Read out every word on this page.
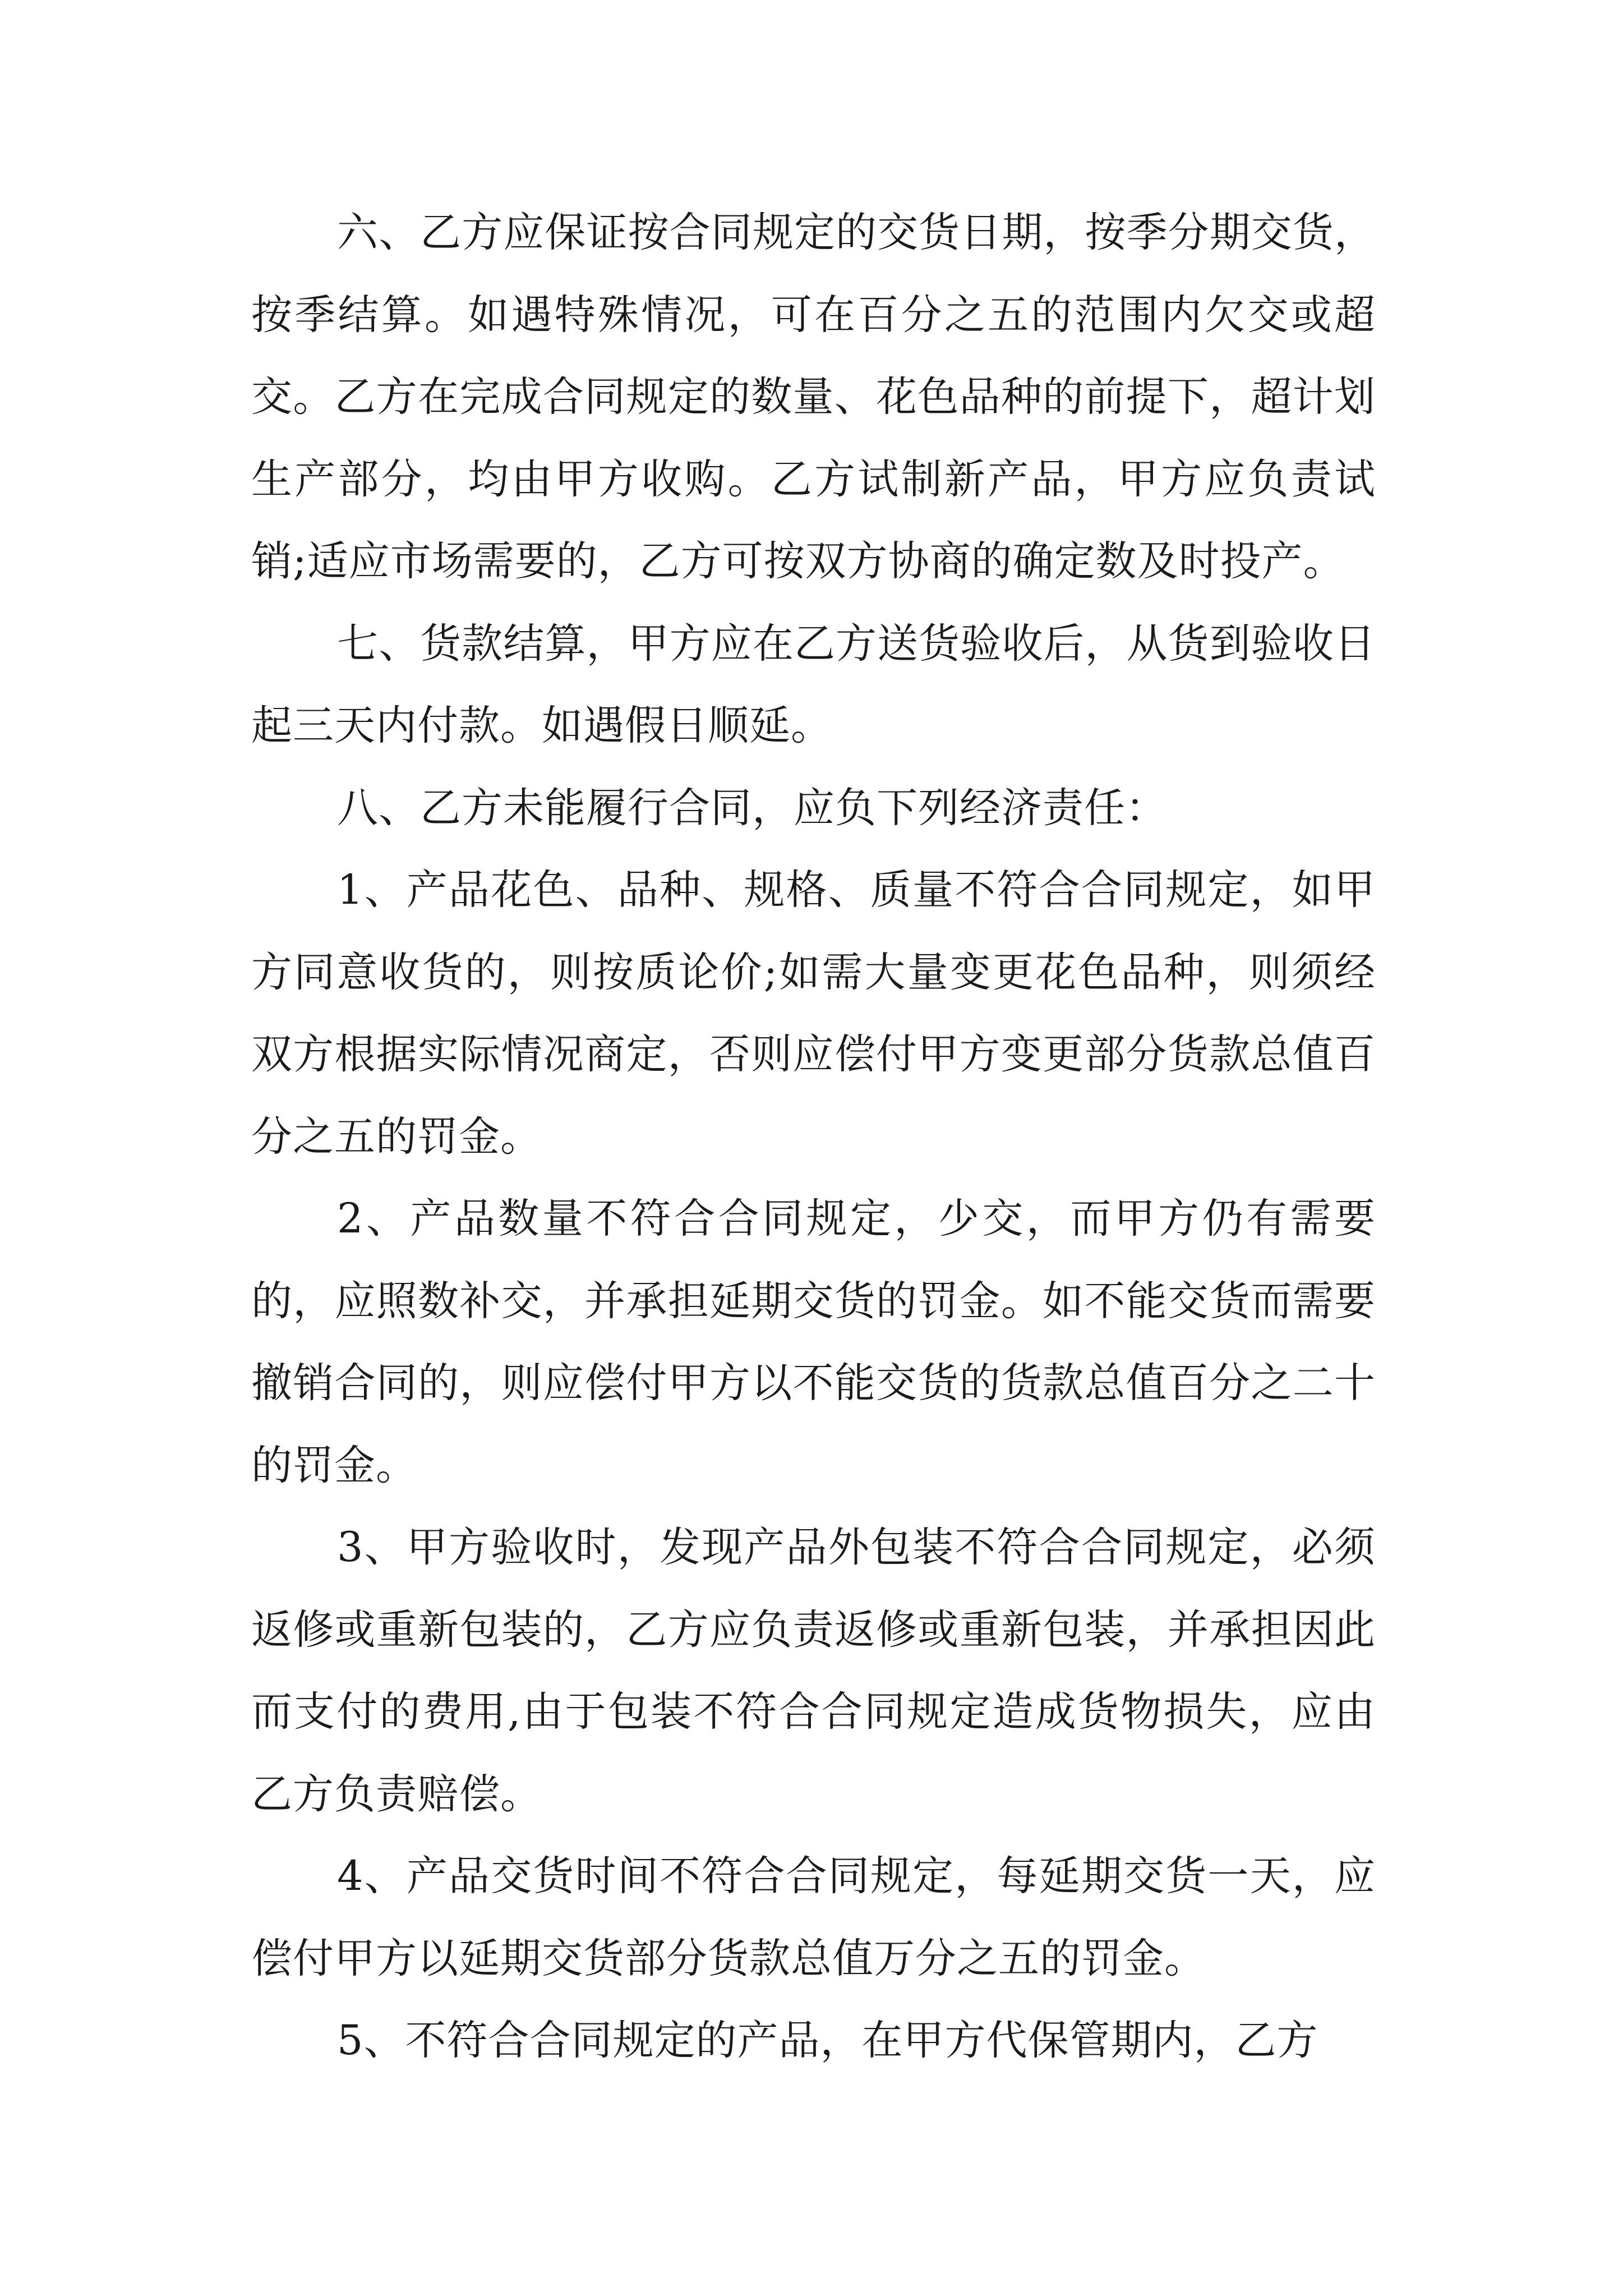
六、乙方应保证按合同规定的交货日期，按季分期交货，按季结算。如遇特殊情况，可在百分之五的范围内欠交或超交。乙方在完成合同规定的数量、花色品种的前提下，超计划生产部分，均由甲方收购。乙方试制新产品，甲方应负责试销;适应市场需要的，乙方可按双方协商的确定数及时投产。

七、货款结算，甲方应在乙方送货验收后，从货到验收日起三天内付款。如遇假日顺延。

八、乙方未能履行合同，应负下列经济责任：

1、产品花色、品种、规格、质量不符合合同规定，如甲方同意收货的，则按质论价;如需大量变更花色品种，则须经双方根据实际情况商定，否则应偿付甲方变更部分货款总值百分之五的罚金。

2、产品数量不符合合同规定，少交，而甲方仍有需要的，应照数补交，并承担延期交货的罚金。如不能交货而需要撤销合同的，则应偿付甲方以不能交货的货款总值百分之二十的罚金。

3、甲方验收时，发现产品外包装不符合合同规定，必须返修或重新包装的，乙方应负责返修或重新包装，并承担因此而支付的费用,由于包装不符合合同规定造成货物损失，应由乙方负责赔偿。

4、产品交货时间不符合合同规定，每延期交货一天，应偿付甲方以延期交货部分货款总值万分之五的罚金。

5、不符合合同规定的产品，在甲方代保管期内，乙方
